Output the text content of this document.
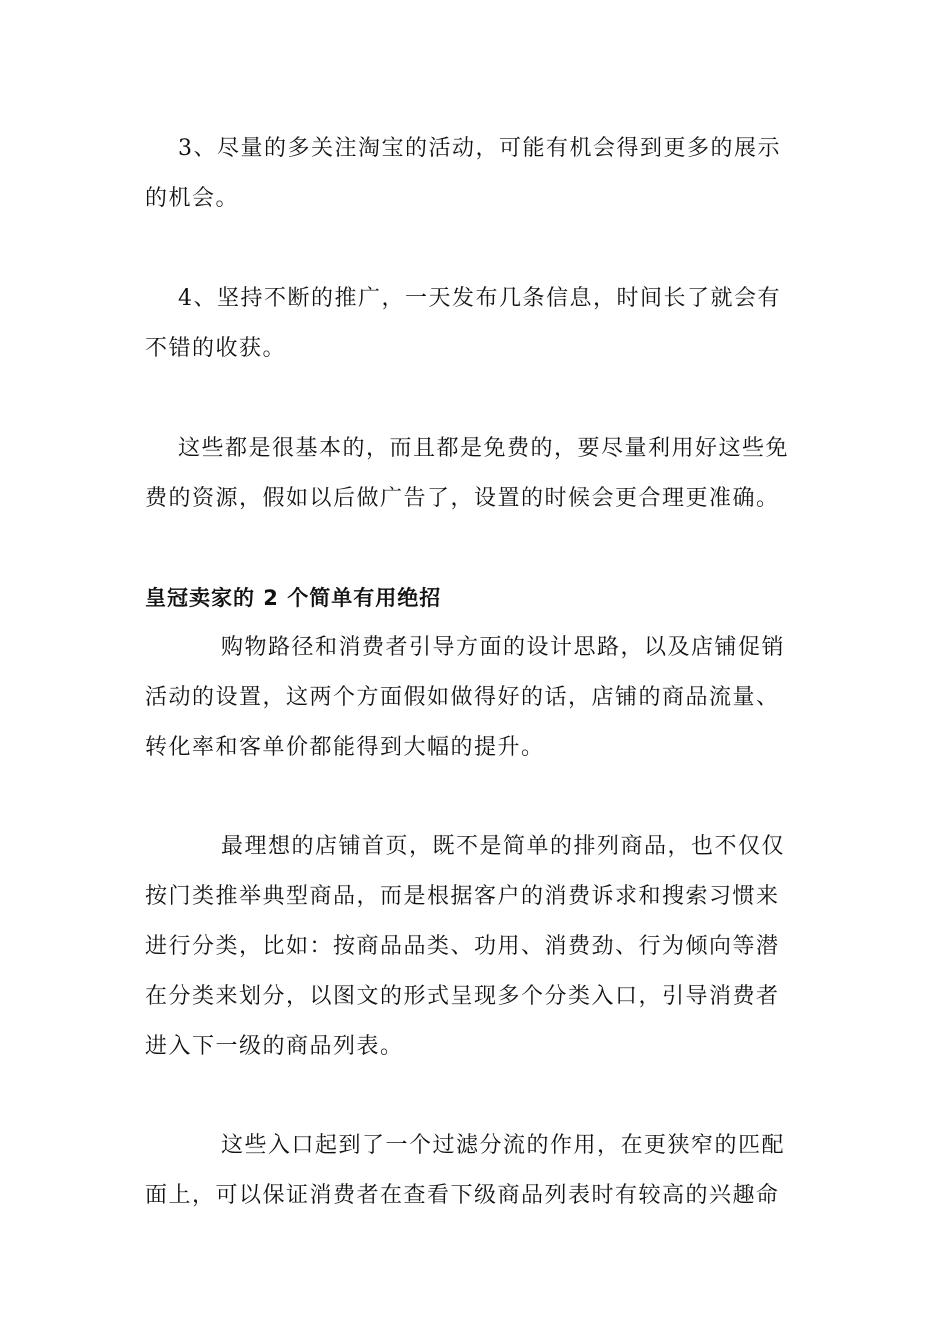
3、尽量的多关注淘宝的活动，可能有机会得到更多的展示
的机会。
4、坚持不断的推广，一天发布几条信息，时间长了就会有
不错的收获。
这些都是很基本的，而且都是免费的，要尽量利用好这些免
费的资源，假如以后做广告了，设置的时候会更合理更准确。
皇冠卖家的 2 个简单有用绝招
购物路径和消费者引导方面的设计思路，以及店铺促销
活动的设置，这两个方面假如做得好的话，店铺的商品流量、
转化率和客单价都能得到大幅的提升。
最理想的店铺首页，既不是简单的排列商品，也不仅仅
按门类推举典型商品，而是根据客户的消费诉求和搜索习惯来
进行分类，比如：按商品品类、功用、消费劲、行为倾向等潜
在分类来划分，以图文的形式呈现多个分类入口，引导消费者
进入下一级的商品列表。
这些入口起到了一个过滤分流的作用，在更狭窄的匹配
面上，可以保证消费者在查看下级商品列表时有较高的兴趣命
